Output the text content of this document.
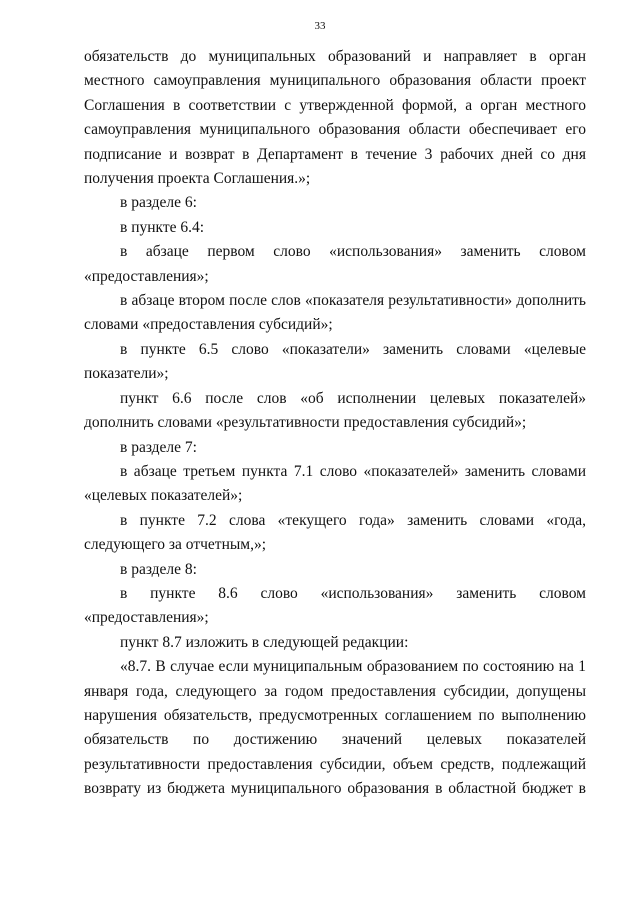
33

обязательств до муниципальных образований и направляет в орган местного самоуправления муниципального образования области проект Соглашения в соответствии с утвержденной формой, а орган местного самоуправления муниципального образования области обеспечивает его подписание и возврат в Департамент в течение 3 рабочих дней со дня получения проекта Соглашения.»;

в разделе 6:

в пункте 6.4:

в абзаце первом слово «использования» заменить словом «предоставления»;

в абзаце втором после слов «показателя результативности» дополнить словами «предоставления субсидий»;

в пункте 6.5 слово «показатели» заменить словами «целевые показатели»;

пункт 6.6 после слов «об исполнении целевых показателей» дополнить словами «результативности предоставления субсидий»;

в разделе 7:

в абзаце третьем пункта 7.1 слово «показателей» заменить словами «целевых показателей»;

в пункте 7.2 слова «текущего года» заменить словами «года, следующего за отчетным,»;

в разделе 8:

в пункте 8.6 слово «использования» заменить словом «предоставления»;

пункт 8.7 изложить в следующей редакции:

«8.7. В случае если муниципальным образованием по состоянию на 1 января года, следующего за годом предоставления субсидии, допущены нарушения обязательств, предусмотренных соглашением по выполнению обязательств по достижению значений целевых показателей результативности предоставления субсидии, объем средств, подлежащий возврату из бюджета муниципального образования в областной бюджет в
